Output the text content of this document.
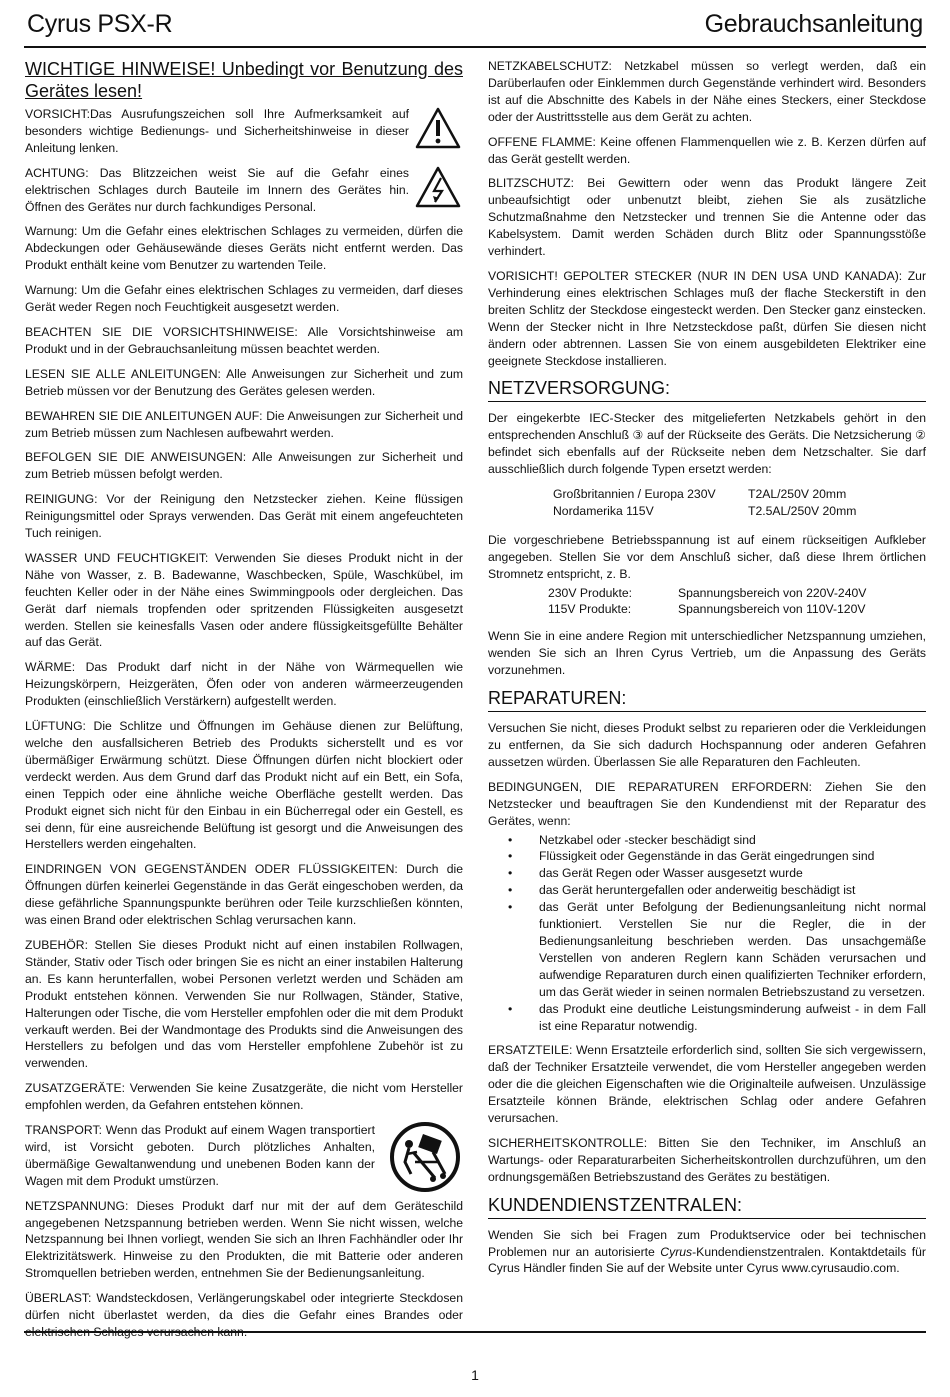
Cyrus PSX-R	Gebrauchsanleitung
WICHTIGE HINWEISE! Unbedingt vor Benutzung des Gerätes lesen!

VORSICHT:Das Ausrufungszeichen soll Ihre Aufmerksamkeit auf besonders wichtige Bedienungs- und Sicherheitshinweise in dieser Anleitung lenken.

ACHTUNG: Das Blitzzeichen weist Sie auf die Gefahr eines elektrischen Schlages durch Bauteile im Innern des Gerätes hin. Öffnen des Gerätes nur durch fachkundiges Personal.

Warnung: Um die Gefahr eines elektrischen Schlages zu vermeiden, dürfen die Abdeckungen oder Gehäusewände dieses Geräts nicht entfernt werden. Das Produkt enthält keine vom Benutzer zu wartenden Teile.

Warnung: Um die Gefahr eines elektrischen Schlages zu vermeiden, darf dieses Gerät weder Regen noch Feuchtigkeit ausgesetzt werden.

BEACHTEN SIE DIE VORSICHTSHINWEISE: Alle Vorsichtshinweise am Produkt und in der Gebrauchsanleitung müssen beachtet werden.

LESEN SIE ALLE ANLEITUNGEN: Alle Anweisungen zur Sicherheit und zum Betrieb müssen vor der Benutzung des Gerätes gelesen werden.

BEWAHREN SIE DIE ANLEITUNGEN AUF: Die Anweisungen zur Sicherheit und zum Betrieb müssen zum Nachlesen aufbewahrt werden.

BEFOLGEN SIE DIE ANWEISUNGEN: Alle Anweisungen zur Sicherheit und zum Betrieb müssen befolgt werden.

REINIGUNG: Vor der Reinigung den Netzstecker ziehen. Keine flüssigen Reinigungsmittel oder Sprays verwenden. Das Gerät mit einem angefeuchteten Tuch reinigen.

WASSER UND FEUCHTIGKEIT: Verwenden Sie dieses Produkt nicht in der Nähe von Wasser, z. B. Badewanne, Waschbecken, Spüle, Waschkübel, im feuchten Keller oder in der Nähe eines Swimmingpools oder dergleichen. Das Gerät darf niemals tropfenden oder spritzenden Flüssigkeiten ausgesetzt werden. Stellen sie keinesfalls Vasen oder andere flüssigkeitsgefüllte Behälter auf das Gerät.

WÄRME: Das Produkt darf nicht in der Nähe von Wärmequellen wie Heizungskörpern, Heizgeräten, Öfen oder von anderen wärmeerzeugenden Produkten (einschließlich Verstärkern) aufgestellt werden.

LÜFTUNG: Die Schlitze und Öffnungen im Gehäuse dienen zur Belüftung, welche den ausfallsicheren Betrieb des Produkts sicherstellt und es vor übermäßiger Erwärmung schützt. Diese Öffnungen dürfen nicht blockiert oder verdeckt werden. Aus dem Grund darf das Produkt nicht auf ein Bett, ein Sofa, einen Teppich oder eine ähnliche weiche Oberfläche gestellt werden. Das Produkt eignet sich nicht für den Einbau in ein Bücherregal oder ein Gestell, es sei denn, für eine ausreichende Belüftung ist gesorgt und die Anweisungen des Herstellers werden eingehalten.

EINDRINGEN VON GEGENSTÄNDEN ODER FLÜSSIGKEITEN: Durch die Öffnungen dürfen keinerlei Gegenstände in das Gerät eingeschoben werden, da diese gefährliche Spannungspunkte berühren oder Teile kurzschließen könnten, was einen Brand oder elektrischen Schlag verursachen kann.

ZUBEHÖR: Stellen Sie dieses Produkt nicht auf einen instabilen Rollwagen, Ständer, Stativ oder Tisch oder bringen Sie es nicht an einer instabilen Halterung an. Es kann herunterfallen, wobei Personen verletzt werden und Schäden am Produkt entstehen können. Verwenden Sie nur Rollwagen, Ständer, Stative, Halterungen oder Tische, die vom Hersteller empfohlen oder die mit dem Produkt verkauft werden. Bei der Wandmontage des Produkts sind die Anweisungen des Herstellers zu befolgen und das vom Hersteller empfohlene Zubehör ist zu verwenden.

ZUSATZGERÄTE: Verwenden Sie keine Zusatzgeräte, die nicht vom Hersteller empfohlen werden, da Gefahren entstehen können.

TRANSPORT: Wenn das Produkt auf einem Wagen transportiert wird, ist Vorsicht geboten. Durch plötzliches Anhalten, übermäßige Gewaltanwendung und unebenen Boden kann der Wagen mit dem Produkt umstürzen.

NETZSPANNUNG: Dieses Produkt darf nur mit der auf dem Geräteschild angegebenen Netzspannung betrieben werden. Wenn Sie nicht wissen, welche Netzspannung bei Ihnen vorliegt, wenden Sie sich an Ihren Fachhändler oder Ihr Elektrizitätswerk. Hinweise zu den Produkten, die mit Batterie oder anderen Stromquellen betrieben werden, entnehmen Sie der Bedienungsanleitung.

ÜBERLAST: Wandsteckdosen, Verlängerungskabel oder integrierte Steckdosen dürfen nicht überlastet werden, da dies die Gefahr eines Brandes oder

NETZKABELSCHUTZ: Netzkabel müssen so verlegt werden, daß ein Darüberlaufen oder Einklemmen durch Gegenstände verhindert wird. Besonders ist auf die Abschnitte des Kabels in der Nähe eines Steckers, einer Steckdose oder der Austrittsstelle aus dem Gerät zu achten.

OFFENE FLAMME: Keine offenen Flammenquellen wie z. B. Kerzen dürfen auf das Gerät gestellt werden.

BLITZSCHUTZ: Bei Gewittern oder wenn das Produkt längere Zeit unbeaufsichtigt oder unbenutzt bleibt, ziehen Sie als zusätzliche Schutzmaßnahme den Netzstecker und trennen Sie die Antenne oder das Kabelsystem. Damit werden Schäden durch Blitz oder Spannungsstöße verhindert.

VORISICHT! GEPOLTER STECKER (NUR IN DEN USA UND KANADA): Zur Verhinderung eines elektrischen Schlages muß der flache Steckerstift in den breiten Schlitz der Steckdose eingesteckt werden. Den Stecker ganz einstecken. Wenn der Stecker nicht in Ihre Netzsteckdose paßt, dürfen Sie diesen nicht ändern oder abtrennen. Lassen Sie von einem ausgebildeten Elektriker eine geeignete Steckdose installieren.

NETZVERSORGUNG:

Der eingekerbte IEC-Stecker des mitgelieferten Netzkabels gehört in den entsprechenden Anschluß ③ auf der Rückseite des Geräts. Die Netzsicherung ② befindet sich ebenfalls auf der Rückseite neben dem Netzschalter. Sie darf ausschließlich durch folgende Typen ersetzt werden:

Großbritannien / Europa 230V	T2AL/250V 20mm
Nordamerika 115V	T2.5AL/250V 20mm

Die vorgeschriebene Betriebsspannung ist auf einem rückseitigen Aufkleber angegeben. Stellen Sie vor dem Anschluß sicher, daß diese Ihrem örtlichen Stromnetz entspricht, z. B.

230V Produkte:	Spannungsbereich von 220V-240V
115V Produkte:	Spannungsbereich von 110V-120V

Wenn Sie in eine andere Region mit unterschiedlicher Netzspannung umziehen, wenden Sie sich an Ihren Cyrus Vertrieb, um die Anpassung des Geräts vorzunehmen.

REPARATUREN:

Versuchen Sie nicht, dieses Produkt selbst zu reparieren oder die Verkleidungen zu entfernen, da Sie sich dadurch Hochspannung oder anderen Gefahren aussetzen würden. Überlassen Sie alle Reparaturen den Fachleuten.

BEDINGUNGEN, DIE REPARATUREN ERFORDERN: Ziehen Sie den Netzstecker und beauftragen Sie den Kundendienst mit der Reparatur des Gerätes, wenn:

• Netzkabel oder -stecker beschädigt sind
• Flüssigkeit oder Gegenstände in das Gerät eingedrungen sind
• das Gerät Regen oder Wasser ausgesetzt wurde
• das Gerät heruntergefallen oder anderweitig beschädigt ist
• das Gerät unter Befolgung der Bedienungsanleitung nicht normal funktioniert. Verstellen Sie nur die Regler, die in der Bedienungsanleitung beschrieben werden. Das unsachgemäße Verstellen von anderen Reglern kann Schäden verursachen und aufwendige Reparaturen durch einen qualifizierten Techniker erfordern, um das Gerät wieder in seinen normalen Betriebszustand zu versetzen.
• das Produkt eine deutliche Leistungsminderung aufweist - in dem Fall ist eine Reparatur notwendig.

ERSATZTEILE: Wenn Ersatzteile erforderlich sind, sollten Sie sich vergewissern, daß der Techniker Ersatzteile verwendet, die vom Hersteller angegeben werden oder die die gleichen Eigenschaften wie die Originalteile aufweisen. Unzulässige Ersatzteile können Brände, elektrischen Schlag oder andere Gefahren verursachen.

SICHERHEITSKONTROLLE: Bitten Sie den Techniker, im Anschluß an Wartungs- oder Reparaturarbeiten Sicherheitskontrollen durchzuführen, um den ordnungsgemäßen Betriebszustand des Gerätes zu bestätigen.

KUNDENDIENSTZENTRALEN:

Wenden Sie sich bei Fragen zum Produktservice oder bei technischen Problemen nur an autorisierte Cyrus-Kundendienstzentralen. Kontaktdetails für Cyrus Händler finden Sie auf der Website unter Cyrus www.cyrusaudio.com.

1
